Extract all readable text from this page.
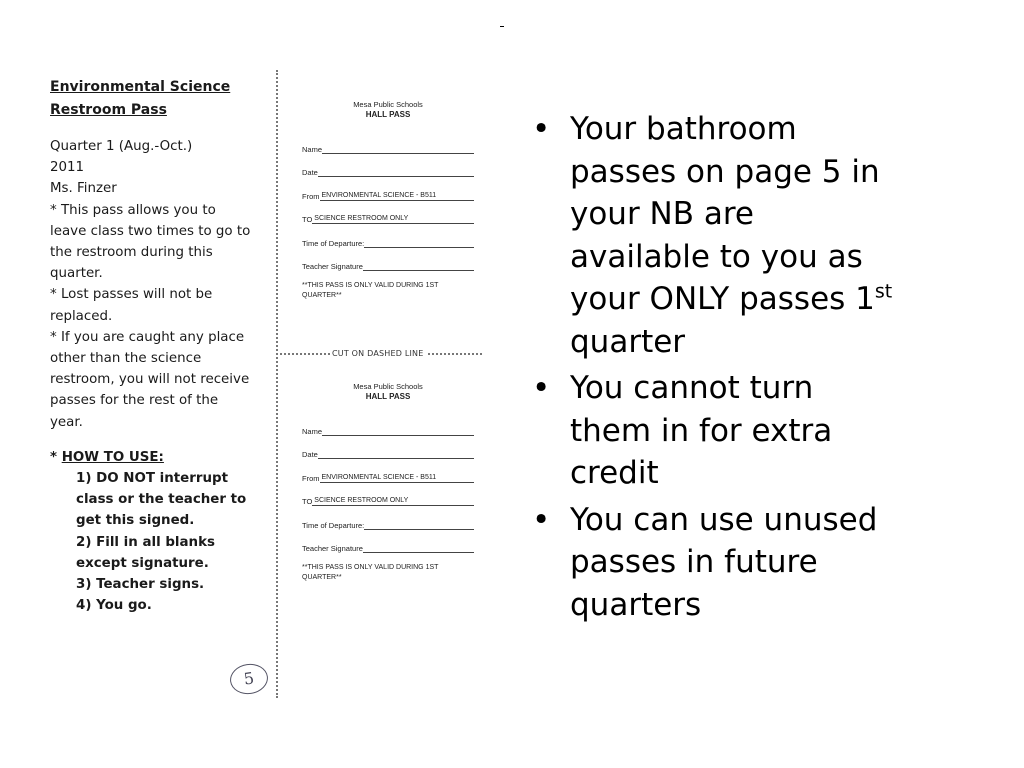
Environmental Science
Restroom Pass
Quarter 1 (Aug.-Oct.)
2011
Ms. Finzer
* This pass allows you to
leave class two times to go to
the restroom during this
quarter.
* Lost passes will not be
replaced.
* If you are caught any place
other than the science
restroom, you will not receive
passes for the rest of the
year.
* HOW TO USE:
1) DO NOT interrupt
class or the teacher to
get this signed.
2) Fill in all blanks
except signature.
3) Teacher signs.
4) You go.
5
CUT ON DASHED LINE
Mesa Public Schools
HALL PASS
Name
Date
From ENVIRONMENTAL SCIENCE - B511
TO SCIENCE RESTROOM ONLY
Time of Departure:
Teacher Signature
**THIS PASS IS ONLY VALID DURING 1ST
QUARTER**
Mesa Public Schools
HALL PASS
Name
Date
From ENVIRONMENTAL SCIENCE - B511
TO SCIENCE RESTROOM ONLY
Time of Departure:
Teacher Signature
**THIS PASS IS ONLY VALID DURING 1ST
QUARTER**
• Your bathroom
passes on page 5 in
your NB are
available to you as
your ONLY passes 1st
quarter
• You cannot turn
them in for extra
credit
• You can use unused
passes in future
quarters
